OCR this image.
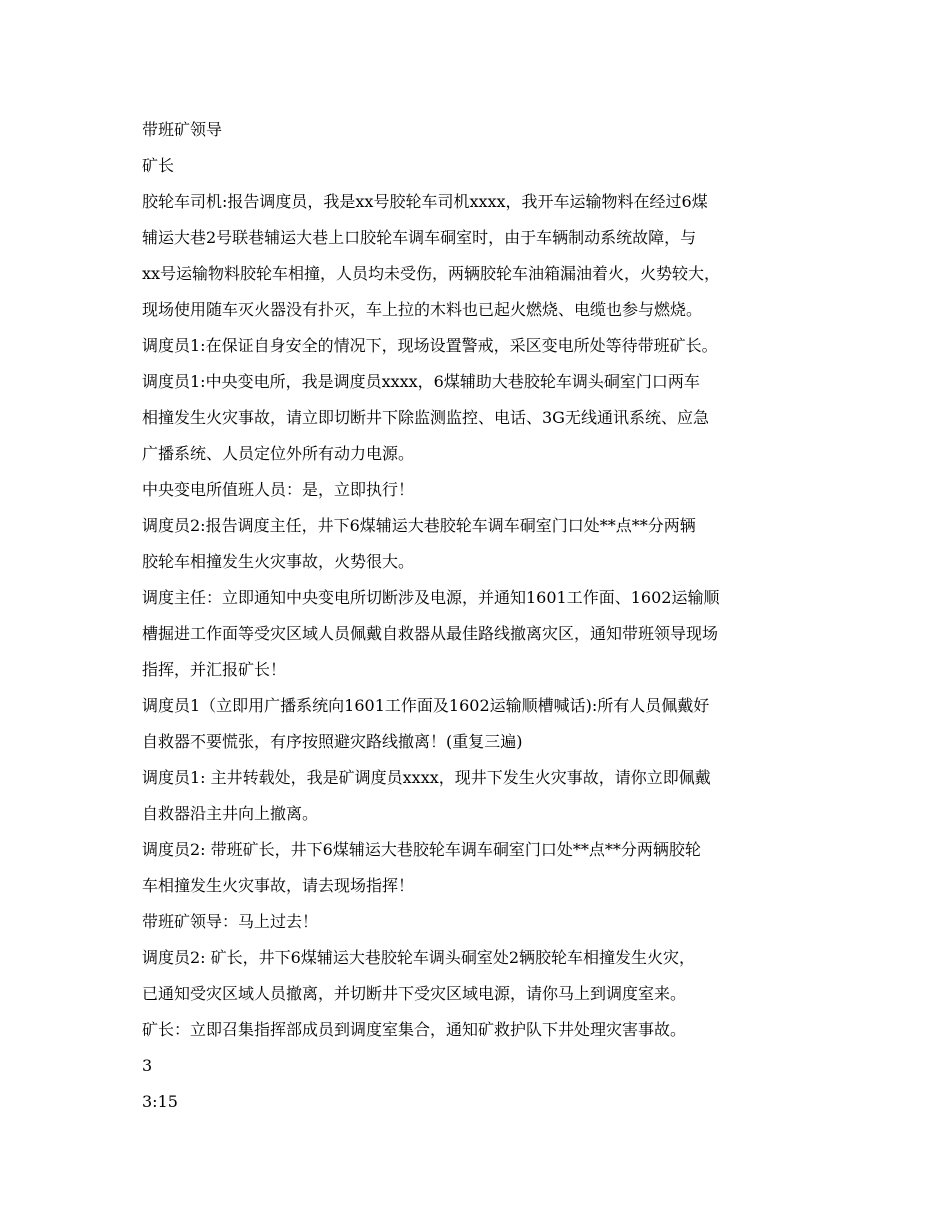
带班矿领导
矿长
胶轮车司机:报告调度员，我是xx号胶轮车司机xxxx，我开车运输物料在经过6煤
辅运大巷2号联巷辅运大巷上口胶轮车调车硐室时，由于车辆制动系统故障，与
xx号运输物料胶轮车相撞，人员均未受伤，两辆胶轮车油箱漏油着火，火势较大，
现场使用随车灭火器没有扑灭，车上拉的木料也已起火燃烧、电缆也参与燃烧。
调度员1:在保证自身安全的情况下，现场设置警戒，采区变电所处等待带班矿长。
调度员1:中央变电所，我是调度员xxxx，6煤辅助大巷胶轮车调头硐室门口两车
相撞发生火灾事故，请立即切断井下除监测监控、电话、3G无线通讯系统、应急
广播系统、人员定位外所有动力电源。
中央变电所值班人员：是，立即执行！
调度员2:报告调度主任，井下6煤辅运大巷胶轮车调车硐室门口处**点**分两辆
胶轮车相撞发生火灾事故，火势很大。
调度主任：立即通知中央变电所切断涉及电源，并通知1601工作面、1602运输顺
槽掘进工作面等受灾区域人员佩戴自救器从最佳路线撤离灾区，通知带班领导现场
指挥，并汇报矿长！
调度员1（立即用广播系统向1601工作面及1602运输顺槽喊话):所有人员佩戴好
自救器不要慌张，有序按照避灾路线撤离！(重复三遍)
调度员1: 主井转载处，我是矿调度员xxxx，现井下发生火灾事故，请你立即佩戴
自救器沿主井向上撤离。
调度员2: 带班矿长，井下6煤辅运大巷胶轮车调车硐室门口处**点**分两辆胶轮
车相撞发生火灾事故，请去现场指挥！
带班矿领导：马上过去！
调度员2: 矿长，井下6煤辅运大巷胶轮车调头硐室处2辆胶轮车相撞发生火灾，
已通知受灾区域人员撤离，并切断井下受灾区域电源，请你马上到调度室来。
矿长：立即召集指挥部成员到调度室集合，通知矿救护队下井处理灾害事故。
3
3:15
